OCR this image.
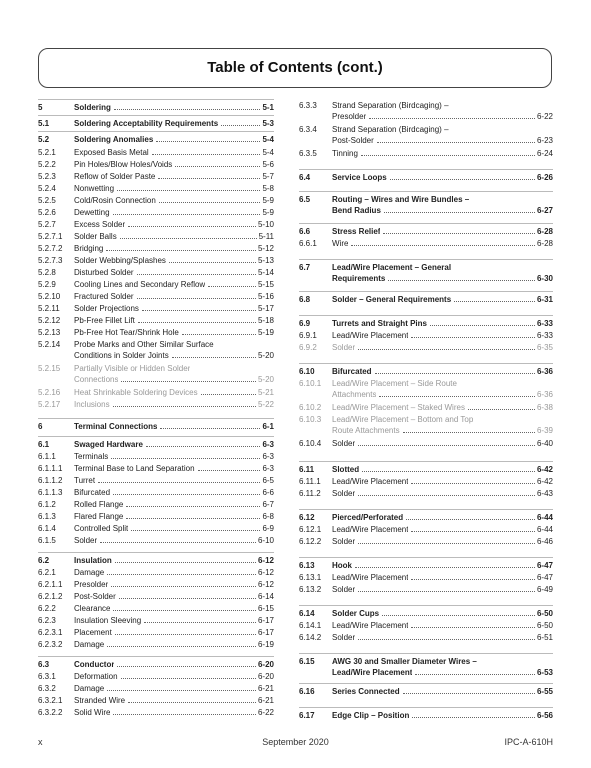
Table of Contents (cont.)
5	Soldering	5-1
5.1	Soldering Acceptability Requirements	5-3
5.2	Soldering Anomalies	5-4
5.2.1	Exposed Basis Metal	5-4
5.2.2	Pin Holes/Blow Holes/Voids	5-6
5.2.3	Reflow of Solder Paste	5-7
5.2.4	Nonwetting	5-8
5.2.5	Cold/Rosin Connection	5-9
5.2.6	Dewetting	5-9
5.2.7	Excess Solder	5-10
5.2.7.1	Solder Balls	5-11
5.2.7.2	Bridging	5-12
5.2.7.3	Solder Webbing/Splashes	5-13
5.2.8	Disturbed Solder	5-14
5.2.9	Cooling Lines and Secondary Reflow	5-15
5.2.10	Fractured Solder	5-16
5.2.11	Solder Projections	5-17
5.2.12	Pb-Free Fillet Lift	5-18
5.2.13	Pb-Free Hot Tear/Shrink Hole	5-19
5.2.14	Probe Marks and Other Similar Surface
Conditions in Solder Joints	5-20
5.2.15	Partially Visible or Hidden Solder
Connections	5-20
5.2.16	Heat Shrinkable Soldering Devices	5-21
5.2.17	Inclusions	5-22
6	Terminal Connections	6-1
6.1	Swaged Hardware	6-3
6.1.1	Terminals	6-3
6.1.1.1	Terminal Base to Land Separation	6-3
6.1.1.2	Turret	6-5
6.1.1.3	Bifurcated	6-6
6.1.2	Rolled Flange	6-7
6.1.3	Flared Flange	6-8
6.1.4	Controlled Split	6-9
6.1.5	Solder	6-10
6.2	Insulation	6-12
6.2.1	Damage	6-12
6.2.1.1	Presolder	6-12
6.2.1.2	Post-Solder	6-14
6.2.2	Clearance	6-15
6.2.3	Insulation Sleeving	6-17
6.2.3.1	Placement	6-17
6.2.3.2	Damage	6-19
6.3	Conductor	6-20
6.3.1	Deformation	6-20
6.3.2	Damage	6-21
6.3.2.1	Stranded Wire	6-21
6.3.2.2	Solid Wire	6-22
6.3.3	Strand Separation (Birdcaging) –
Presolder	6-22
6.3.4	Strand Separation (Birdcaging) –
Post-Solder	6-23
6.3.5	Tinning	6-24
6.4	Service Loops	6-26
6.5	Routing – Wires and Wire Bundles –
Bend Radius	6-27
6.6	Stress Relief	6-28
6.6.1	Wire	6-28
6.7	Lead/Wire Placement – General
Requirements	6-30
6.8	Solder – General Requirements	6-31
6.9	Turrets and Straight Pins	6-33
6.9.1	Lead/Wire Placement	6-33
6.9.2	Solder	6-35
6.10	Bifurcated	6-36
6.10.1	Lead/Wire Placement – Side Route
Attachments	6-36
6.10.2	Lead/Wire Placement – Staked Wires	6-38
6.10.3	Lead/Wire Placement – Bottom and Top
Route Attachments	6-39
6.10.4	Solder	6-40
6.11	Slotted	6-42
6.11.1	Lead/Wire Placement	6-42
6.11.2	Solder	6-43
6.12	Pierced/Perforated	6-44
6.12.1	Lead/Wire Placement	6-44
6.12.2	Solder	6-46
6.13	Hook	6-47
6.13.1	Lead/Wire Placement	6-47
6.13.2	Solder	6-49
6.14	Solder Cups	6-50
6.14.1	Lead/Wire Placement	6-50
6.14.2	Solder	6-51
6.15	AWG 30 and Smaller Diameter Wires –
Lead/Wire Placement	6-53
6.16	Series Connected	6-55
6.17	Edge Clip – Position	6-56
x	September 2020	IPC-A-610H
